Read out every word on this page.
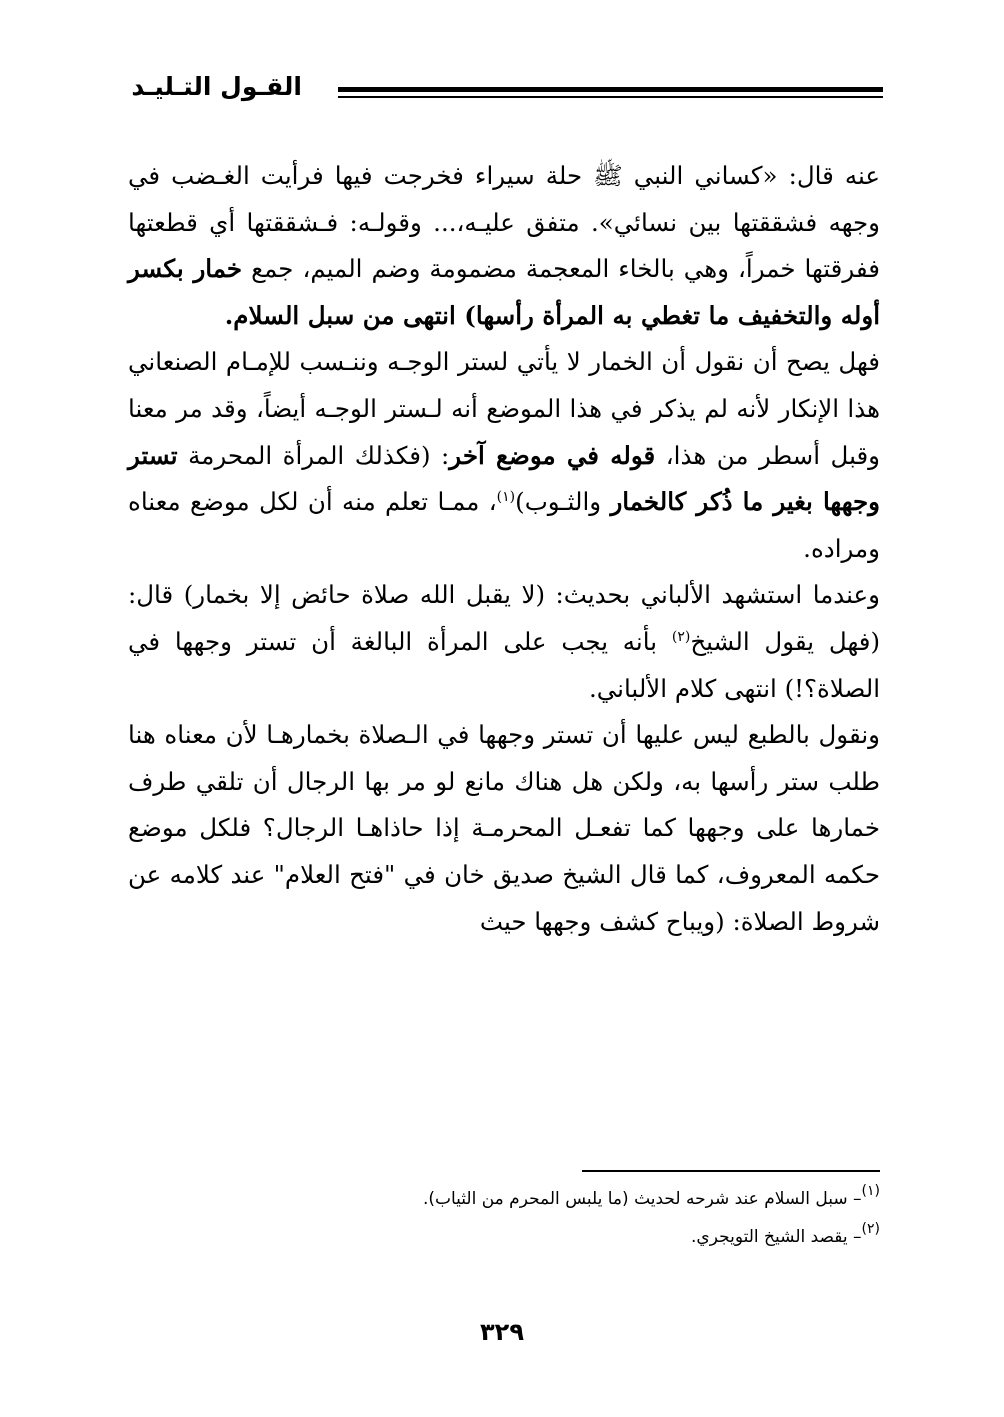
القـول التـليـد

عنه قال: «كساني النبي ﷺ حلة سيراء فخرجت فيها فرأيت الغـضب في وجهه فشققتها بين نسائي». متفق عليـه،... وقولـه: فـشققتها أي قطعتها ففرقتها خمراً، وهي بالخاء المعجمة مضمومة وضم الميم، جمع خمار بكسر أوله والتخفيف ما تغطي به المرأة رأسها) انتهى من سبل السلام.

فهل يصح أن نقول أن الخمار لا يأتي لستر الوجـه وننـسب للإمـام الصنعاني هذا الإنكار لأنه لم يذكر في هذا الموضع أنه لـستر الوجـه أيضاً، وقد مر معنا وقبل أسطر من هذا، قوله في موضع آخر: (فكذلك المرأة المحرمة تستر وجهها بغير ما ذُكر كالخمار والثـوب)$^{(١)}$، ممـا تعلم منه أن لكل موضع معناه ومراده.

وعندما استشهد الألباني بحديث: (لا يقبل الله صلاة حائض إلا بخمار) قال: (فهل يقول الشيخ$^{(٢)}$ بأنه يجب على المرأة البالغة أن تستر وجهها في الصلاة؟!) انتهى كلام الألباني.

ونقول بالطبع ليس عليها أن تستر وجهها في الـصلاة بخمارهـا لأن معناه هنا طلب ستر رأسها به، ولكن هل هناك مانع لو مر بها الرجال أن تلقي طرف خمارها على وجهها كما تفعـل المحرمـة إذا حاذاهـا الرجال؟ فلكل موضع حكمه المعروف، كما قال الشيخ صديق خان في "فتح العلام" عند كلامه عن شروط الصلاة: (ويباح كشف وجهها حيث

$^{(١)}$– سبل السلام عند شرحه لحديث (ما يلبس المحرم من الثياب).

$^{(٢)}$– يقصد الشيخ التويجري.

٣٢٩
